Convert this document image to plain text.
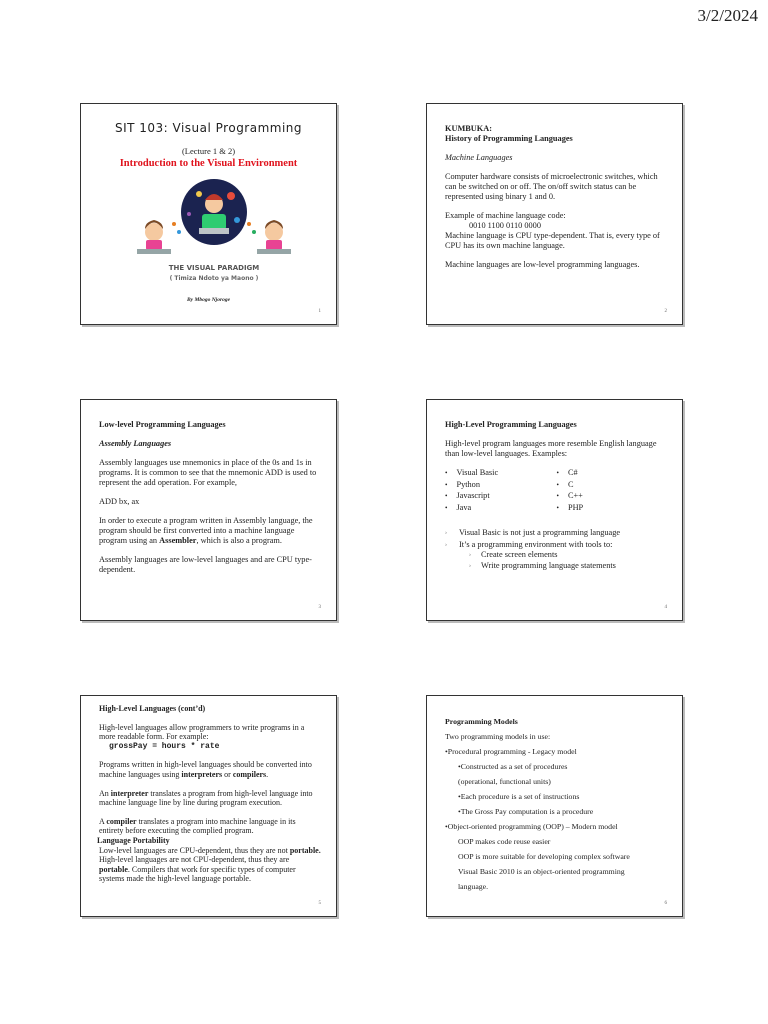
3/2/2024
SIT 103: Visual Programming
(Lecture 1 & 2)
Introduction to the Visual Environment
THE VISUAL PARADIGM
( Timiza Ndoto ya Maono )
By Mbogo Njoroge
1
KUMBUKA:

History of Programming Languages

Machine Languages

Computer hardware consists of microelectronic switches, which can be switched on or off. The on/off switch status can be represented using binary 1 and 0.

Example of machine language code:
0010 1100 0110 0000

Machine language is CPU type-dependent. That is, every type of CPU has its own machine language.

Machine languages are low-level programming languages.

2

Low-level Programming Languages

Assembly Languages

Assembly languages use mnemonics in place of the 0s and 1s in programs. It is common to see that the mnemonic ADD is used to represent the add operation. For example,

ADD bx, ax

In order to execute a program written in Assembly language, the program should be first converted into a machine language program using an Assembler, which is also a program.

Assembly languages are low-level languages and are CPU type-dependent.

3

High-Level Programming Languages

High-level program languages more resemble English language than low-level languages. Examples:

• Visual Basic
• Python
• Javascript
• Java
• C#
• C
• C++
• PHP
› Visual Basic is not just a programming language
› It’s a programming environment with tools to:
› Create screen elements
› Write programming language statements
4

High-Level Languages (cont’d)

High-level languages allow programmers to write programs in a more readable form. For example:

grossPay = hours * rate

Programs written in high-level languages should be converted into machine languages using interpreters or compilers.

An interpreter translates a program from high-level language into machine language line by line during program execution.

A compiler translates a program into machine language in its entirety before executing the complied program.
Language Portability
Low-level languages are CPU-dependent, thus they are not portable.
High-level languages are not CPU-dependent, thus they are portable. Compilers that work for specific types of computer systems made the high-level language portable.
5
Programming Models
Two programming models in use:
•Procedural programming - Legacy model
•Constructed as a set of procedures
(operational, functional units)
•Each procedure is a set of instructions
•The Gross Pay computation is a procedure
•Object-oriented programming (OOP) – Modern model
OOP makes code reuse easier
OOP is more suitable for developing complex software
Visual Basic 2010 is an object-oriented programming
language.
6
